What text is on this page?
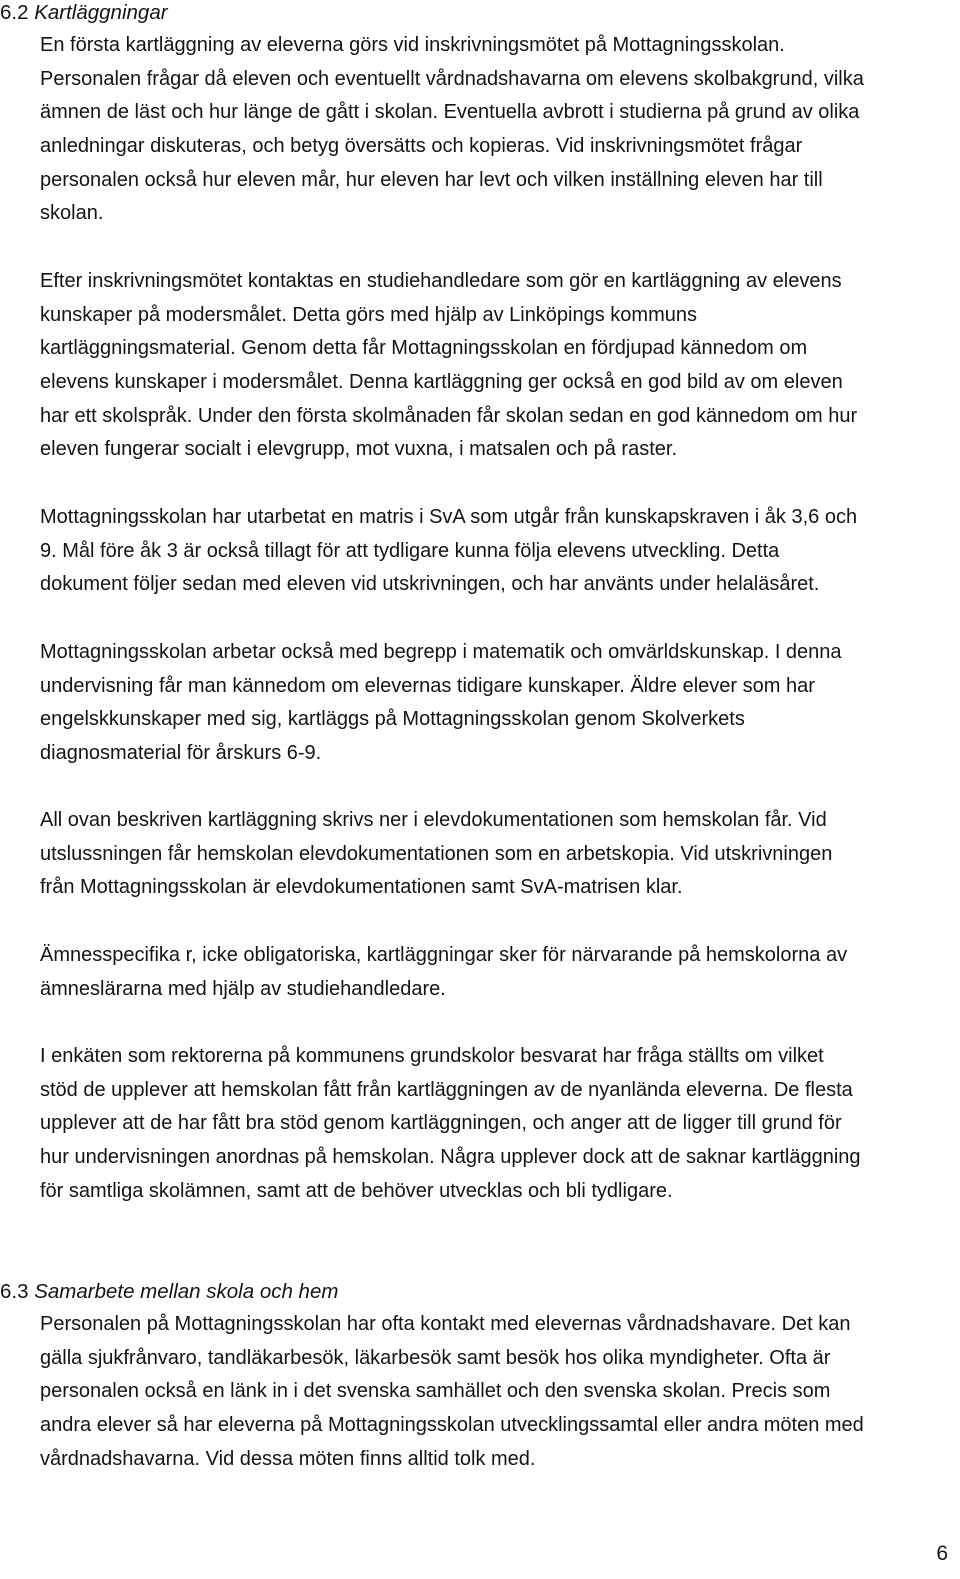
6.2 Kartläggningar
En första kartläggning av eleverna görs vid inskrivningsmötet på Mottagningsskolan.
Personalen frågar då eleven och eventuellt vårdnadshavarna om elevens skolbakgrund, vilka
ämnen de läst och hur länge de gått i skolan. Eventuella avbrott i studierna på grund av olika
anledningar diskuteras, och betyg översätts och kopieras. Vid inskrivningsmötet frågar
personalen också hur eleven mår, hur eleven har levt och vilken inställning eleven har till
skolan.
Efter inskrivningsmötet kontaktas en studiehandledare som gör en kartläggning av elevens
kunskaper på modersmålet. Detta görs med hjälp av Linköpings kommuns
kartläggningsmaterial. Genom detta får Mottagningsskolan en fördjupad kännedom om
elevens kunskaper i modersmålet. Denna kartläggning ger också en god bild av om eleven
har ett skolspråk. Under den första skolmånaden får skolan sedan en god kännedom om hur
eleven fungerar socialt i elevgrupp, mot vuxna, i matsalen och på raster.
Mottagningsskolan har utarbetat en matris i SvA som utgår från kunskapskraven i åk 3,6 och
9. Mål före åk 3 är också tillagt för att tydligare kunna följa elevens utveckling. Detta
dokument följer sedan med eleven vid utskrivningen, och har använts under helaläsåret.
Mottagningsskolan arbetar också med begrepp i matematik och omvärldskunskap. I denna
undervisning får man kännedom om elevernas tidigare kunskaper. Äldre elever som har
engelskkunskaper med sig, kartläggs på Mottagningsskolan genom Skolverkets
diagnosmaterial för årskurs 6-9.
All ovan beskriven kartläggning skrivs ner i elevdokumentationen som hemskolan får. Vid
utslussningen får hemskolan elevdokumentationen som en arbetskopia. Vid utskrivningen
från Mottagningsskolan är elevdokumentationen samt SvA-matrisen klar.
Ämnesspecifika r, icke obligatoriska, kartläggningar sker för närvarande på hemskolorna av
ämneslärarna med hjälp av studiehandledare.
I enkäten som rektorerna på kommunens grundskolor besvarat har fråga ställts om vilket
stöd de upplever att hemskolan fått från kartläggningen av de nyanlända eleverna. De flesta
upplever att de har fått bra stöd genom kartläggningen, och anger att de ligger till grund för
hur undervisningen anordnas på hemskolan. Några upplever dock att de saknar kartläggning
för samtliga skolämnen, samt att de behöver utvecklas och bli tydligare.
6.3 Samarbete mellan skola och hem
Personalen på Mottagningsskolan har ofta kontakt med elevernas vårdnadshavare. Det kan
gälla sjukfrånvaro, tandläkarbesök, läkarbesök samt besök hos olika myndigheter. Ofta är
personalen också en länk in i det svenska samhället och den svenska skolan. Precis som
andra elever så har eleverna på Mottagningsskolan utvecklingssamtal eller andra möten med
vårdnadshavarna. Vid dessa möten finns alltid tolk med.
6
